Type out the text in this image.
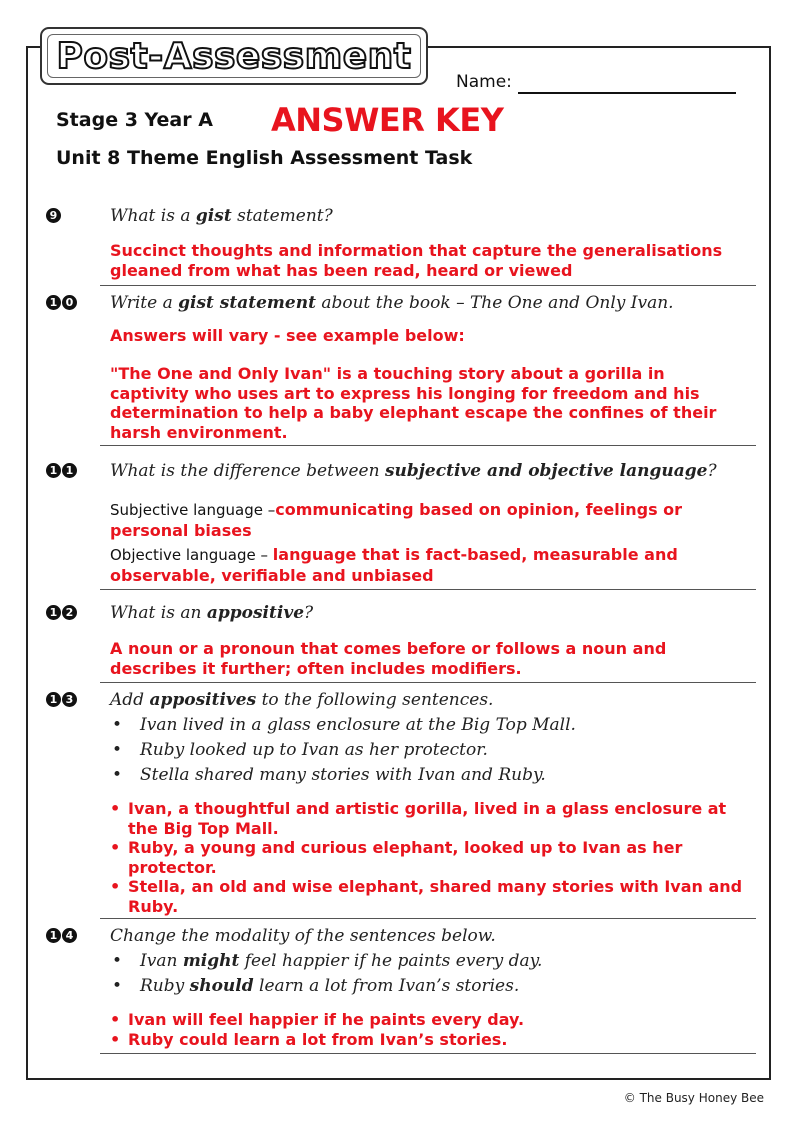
Post-Assessment
Name:
Stage 3 Year A ANSWER KEY
Unit 8 Theme English Assessment Task
9	What is a gist statement?
Succinct thoughts and information that capture the generalisations gleaned from what has been read, heard or viewed
1 0 Write a gist statement about the book – The One and Only Ivan.
Answers will vary - see example below:
"The One and Only Ivan" is a touching story about a gorilla in captivity who uses art to express his longing for freedom and his determination to help a baby elephant escape the confines of their harsh environment.
1 1 What is the difference between subjective and objective language?
Subjective language –communicating based on opinion, feelings or personal biases
Objective language – language that is fact-based, measurable and observable, verifiable and unbiased
1 2 What is an appositive?
A noun or a pronoun that comes before or follows a noun and describes it further; often includes modifiers.
1 3 Add appositives to the following sentences.
• Ivan lived in a glass enclosure at the Big Top Mall.
• Ruby looked up to Ivan as her protector.
• Stella shared many stories with Ivan and Ruby.
• Ivan, a thoughtful and artistic gorilla, lived in a glass enclosure at the Big Top Mall.
• Ruby, a young and curious elephant, looked up to Ivan as her protector.
• Stella, an old and wise elephant, shared many stories with Ivan and Ruby.
1 4 Change the modality of the sentences below.
• Ivan might feel happier if he paints every day.
• Ruby should learn a lot from Ivan’s stories.
• Ivan will feel happier if he paints every day.
• Ruby could learn a lot from Ivan’s stories.
© The Busy Honey Bee
